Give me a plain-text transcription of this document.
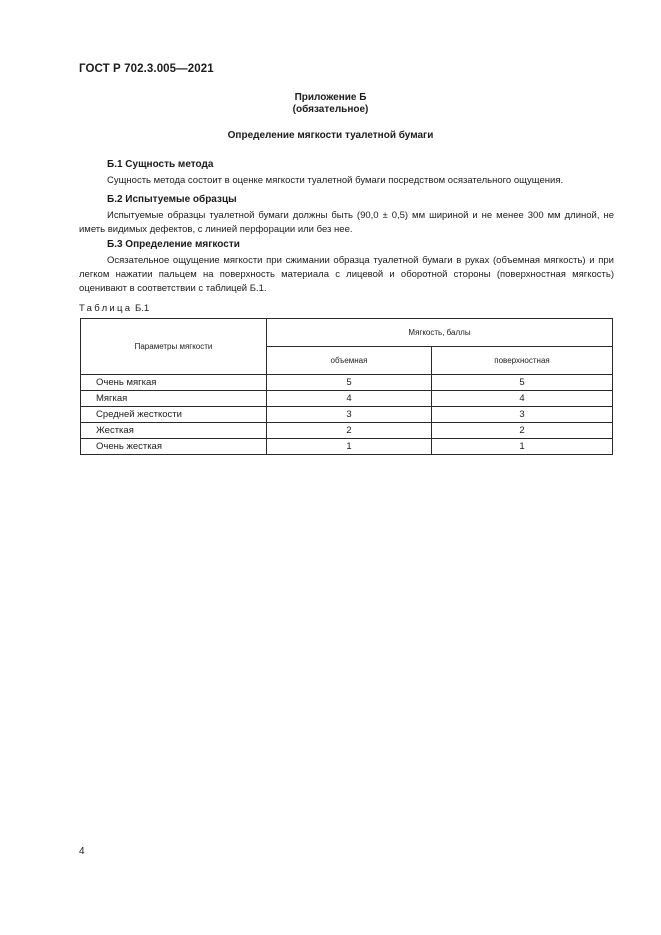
ГОСТ Р 702.3.005—2021
Приложение Б
(обязательное)
Определение мягкости туалетной бумаги
Б.1 Сущность метода
Сущность метода состоит в оценке мягкости туалетной бумаги посредством осязательного ощущения.
Б.2 Испытуемые образцы
Испытуемые образцы туалетной бумаги должны быть (90,0 ± 0,5) мм шириной и не менее 300 мм длиной, не иметь видимых дефектов, с линией перфорации или без нее.
Б.3 Определение мягкости
Осязательное ощущение мягкости при сжимании образца туалетной бумаги в руках (объемная мягкость) и при легком нажатии пальцем на поверхность материала с лицевой и оборотной стороны (поверхностная мягкость) оценивают в соответствии с таблицей Б.1.
Таблица Б.1
Параметры мягкости	Мягкость, баллы	
	объемная	поверхностная
Очень мягкая	5	5
Мягкая	4	4
Средней жесткости	3	3
Жесткая	2	2
Очень жесткая	1	1
4
